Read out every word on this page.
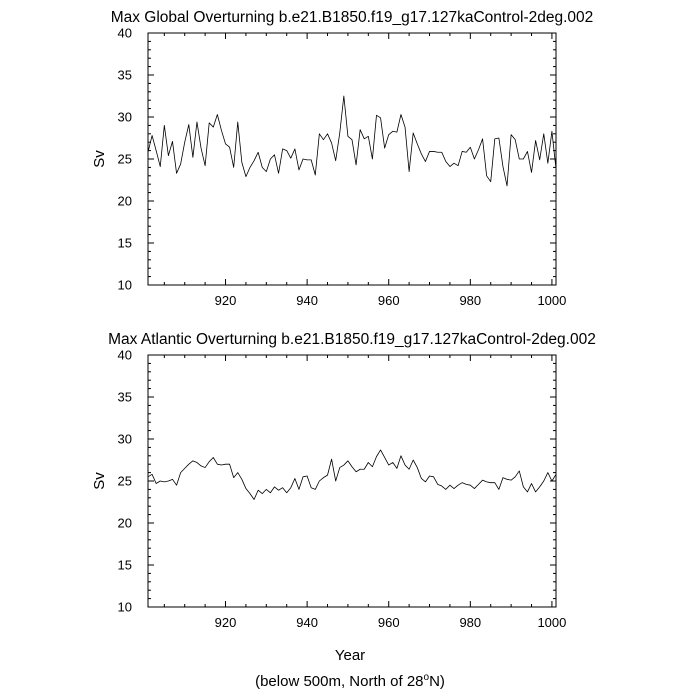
Max Global Overturning b.e21.B1850.f19_g17.127kaControl-2deg.002
920	940	960	980	1000
10
15
20
25
30
35
40
Sv
Max Atlantic Overturning b.e21.B1850.f19_g17.127kaControl-2deg.002
920	940	960	980	1000
10
15
20
25
30
35
40
Sv
Year
(below 500m, North of 28$^o$N)
